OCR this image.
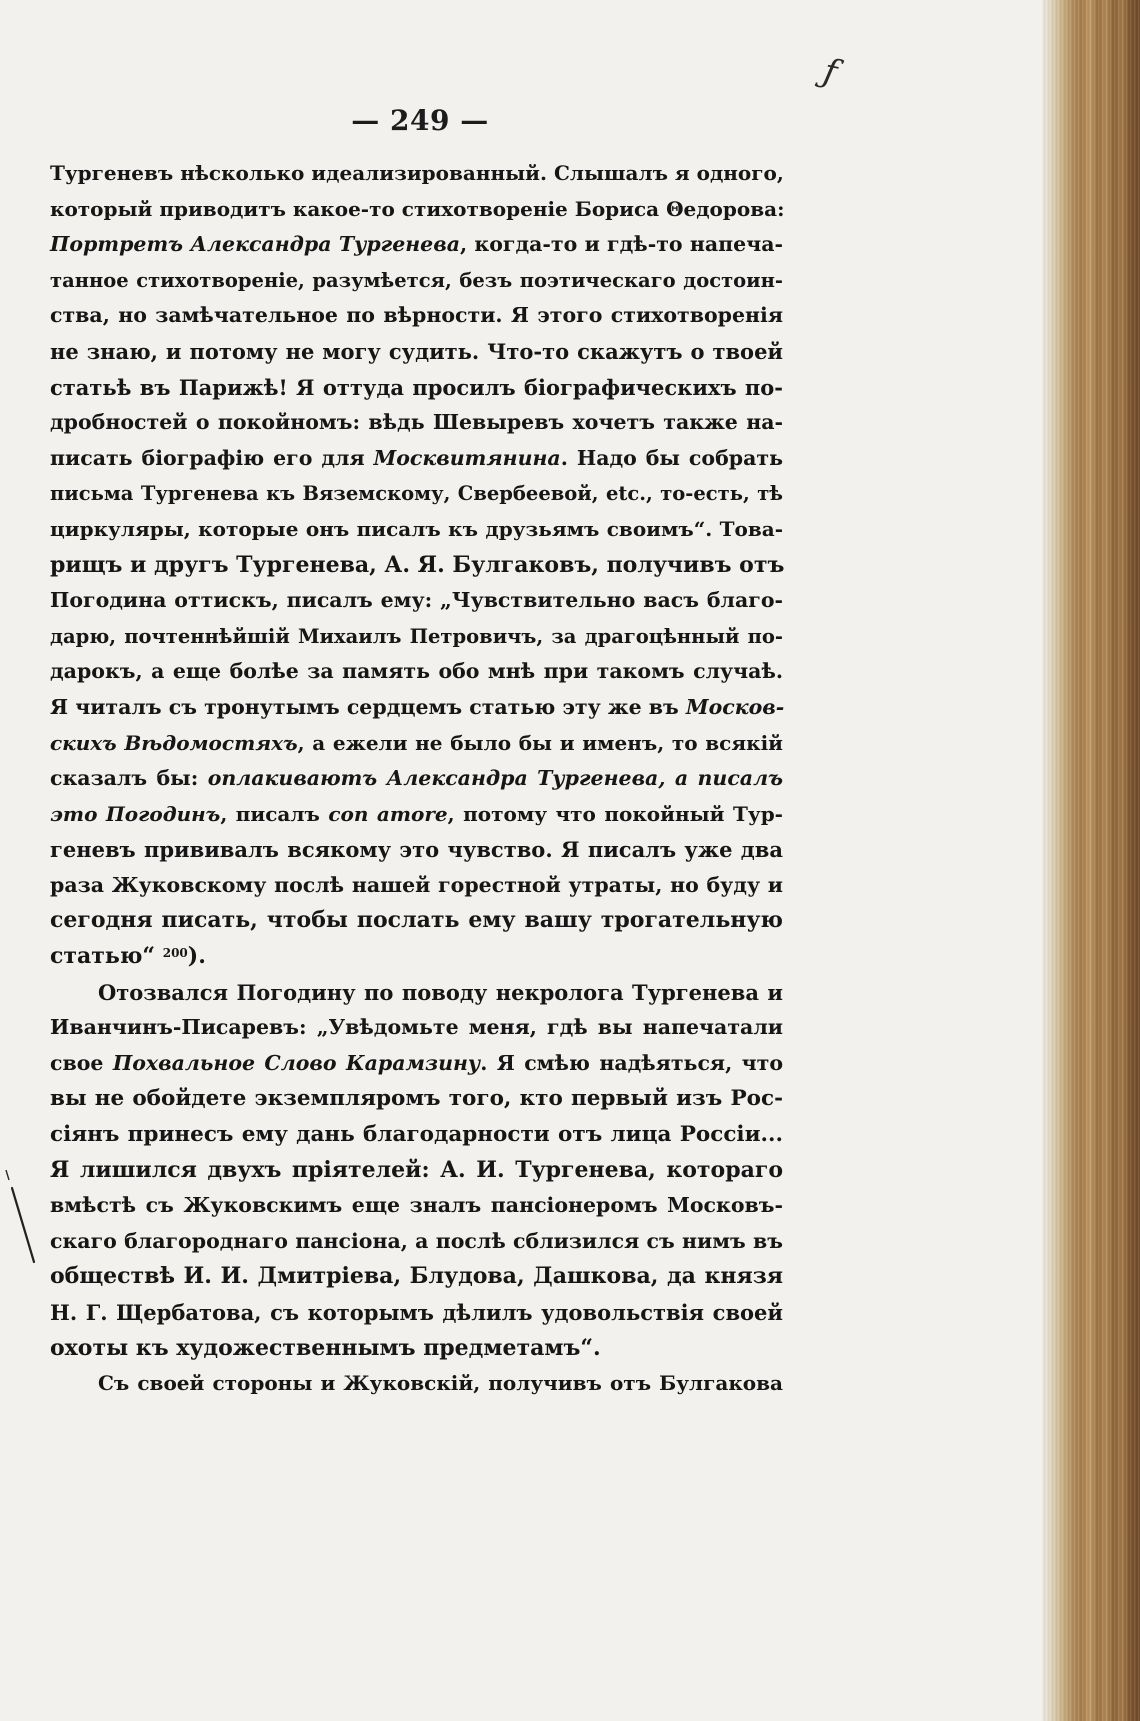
ƒ
— 249 —
Тургеневъ нѣсколько идеализированный. Слышалъ я одного,
который приводитъ какое-то стихотвореніе Бориса Θедорова:
Портретъ Александра Тургенева, когда-то и гдѣ-то напеча-
танное стихотвореніе, разумѣется, безъ поэтическаго достоин-
ства, но замѣчательное по вѣрности. Я этого стихотворенія
не знаю, и потому не могу судить. Что-то скажутъ о твоей
статьѣ въ Парижѣ! Я оттуда просилъ біографическихъ по-
дробностей о покойномъ: вѣдь Шевыревъ хочетъ также на-
писать біографію его для Москвитянина. Надо бы собрать
письма Тургенева къ Вяземскому, Свербеевой, etc., то-есть, тѣ
циркуляры, которые онъ писалъ къ друзьямъ своимъ“. Това-
рищъ и другъ Тургенева, А. Я. Булгаковъ, получивъ отъ
Погодина оттискъ, писалъ ему: „Чувствительно васъ благо-
дарю, почтеннѣйшій Михаилъ Петровичъ, за драгоцѣнный по-
дарокъ, а еще болѣе за память обо мнѣ при такомъ случаѣ.
Я читалъ съ тронутымъ сердцемъ статью эту же въ Москов-
скихъ Вѣдомостяхъ, а ежели не было бы и именъ, то всякій
сказалъ бы: оплакиваютъ Александра Тургенева, а писалъ
это Погодинъ, писалъ con amore, потому что покойный Тур-
геневъ прививалъ всякому это чувство. Я писалъ уже два
раза Жуковскому послѣ нашей горестной утраты, но буду и
сегодня писать, чтобы послать ему вашу трогательную
статью“ $^{200}$).
Отозвался Погодину по поводу некролога Тургенева и
Иванчинъ-Писаревъ: „Увѣдомьте меня, гдѣ вы напечатали
свое Похвальное Слово Карамзину. Я смѣю надѣяться, что
вы не обойдете экземпляромъ того, кто первый изъ Рос-
сіянъ принесъ ему дань благодарности отъ лица Россіи...
Я лишился двухъ пріятелей: А. И. Тургенева, котораго
вмѣстѣ съ Жуковскимъ еще зналъ пансіонеромъ Московъ-
скаго благороднаго пансіона, а послѣ сблизился съ нимъ въ
обществѣ И. И. Дмитріева, Блудова, Дашкова, да князя
Н. Г. Щербатова, съ которымъ дѣлилъ удовольствія своей
охоты къ художественнымъ предметамъ“.
Съ своей стороны и Жуковскій, получивъ отъ Булгакова
